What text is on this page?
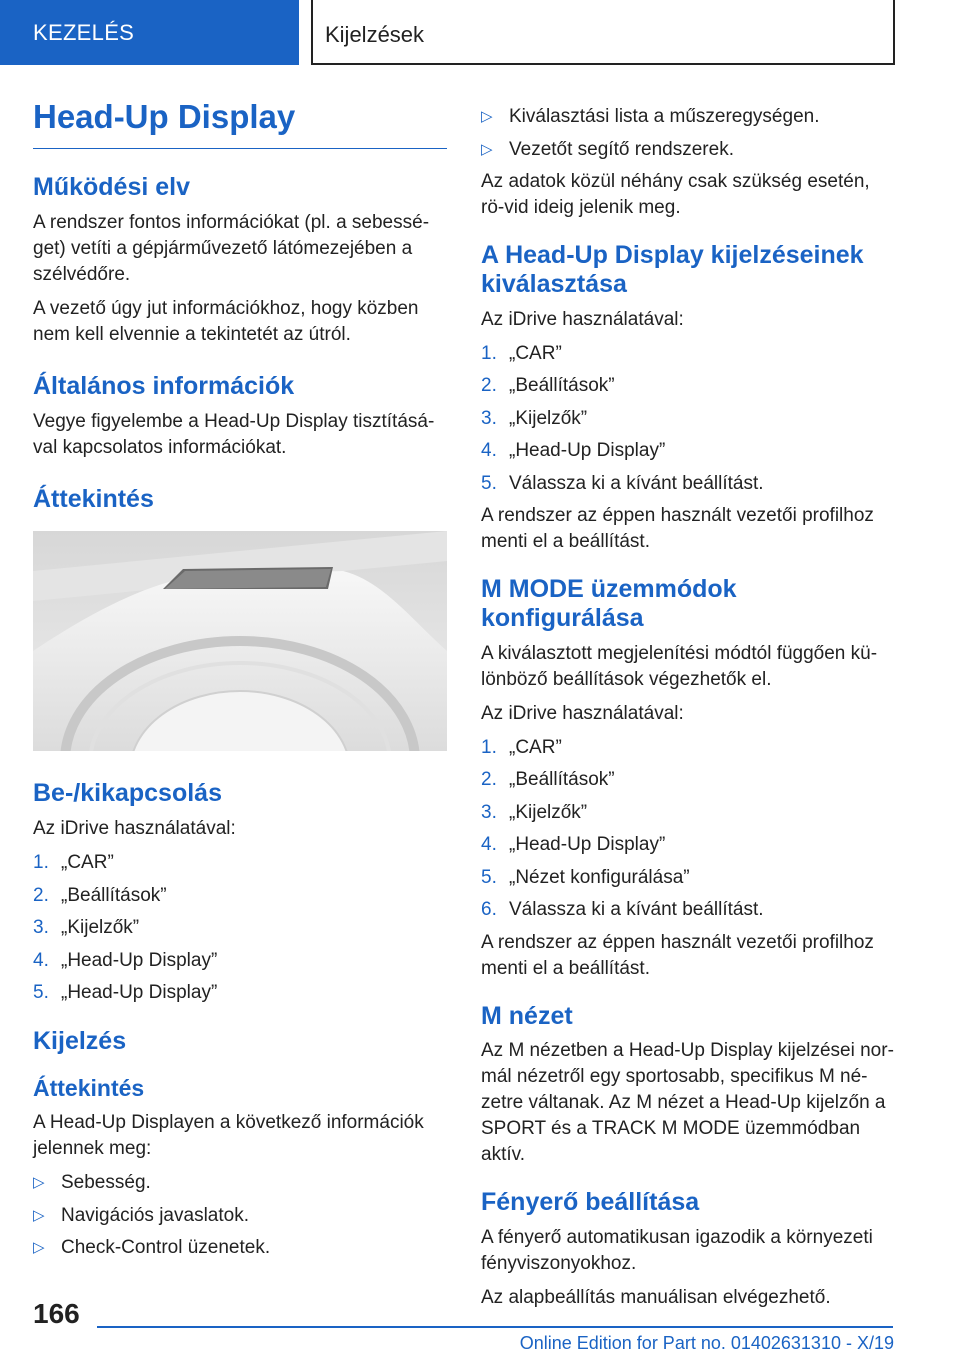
KEZELÉS	Kijelzések
Head-Up Display
Működési elv

A rendszer fontos információkat (pl. a sebessé-get) vetíti a gépjárművezető látómezejében a szélvédőre.

A vezető úgy jut információkhoz, hogy közben nem kell elvennie a tekintetét az útról.

Általános információk

Vegye figyelembe a Head-Up Display tisztításá-val kapcsolatos információkat.

Áttekintés
Be-/kikapcsolás

Az iDrive használatával:

1. „CAR”
2. „Beállítások”
3. „Kijelzők”
4. „Head-Up Display”
5. „Head-Up Display”
Kijelzés
Áttekintés

A Head-Up Displayen a következő információk jelennek meg:

▷ Sebesség.
▷ Navigációs javaslatok.
▷ Check-Control üzenetek.
▷ Kiválasztási lista a műszeregységen.
▷ Vezetőt segítő rendszerek.

Az adatok közül néhány csak szükség esetén, rö-vid ideig jelenik meg.

A Head-Up Display kijelzéseinek kiválasztása

Az iDrive használatával:

1. „CAR”
2. „Beállítások”
3. „Kijelzők”
4. „Head-Up Display”
5. Válassza ki a kívánt beállítást.

A rendszer az éppen használt vezetői profilhoz menti el a beállítást.

M MODE üzemmódok konfigurálása

A kiválasztott megjelenítési módtól függően kü-lönböző beállítások végezhetők el.

Az iDrive használatával:

1. „CAR”
2. „Beállítások”
3. „Kijelzők”
4. „Head-Up Display”
5. „Nézet konfigurálása”
6. Válassza ki a kívánt beállítást.

A rendszer az éppen használt vezetői profilhoz menti el a beállítást.

M nézet

Az M nézetben a Head-Up Display kijelzései nor-mál nézetről egy sportosabb, specifikus M né-zetre váltanak. Az M nézet a Head-Up kijelzőn a SPORT és a TRACK M MODE üzemmódban aktív.

Fényerő beállítása

A fényerő automatikusan igazodik a környezeti fényviszonyokhoz.

Az alapbeállítás manuálisan elvégezhető.

166
Online Edition for Part no. 01402631310 - X/19
